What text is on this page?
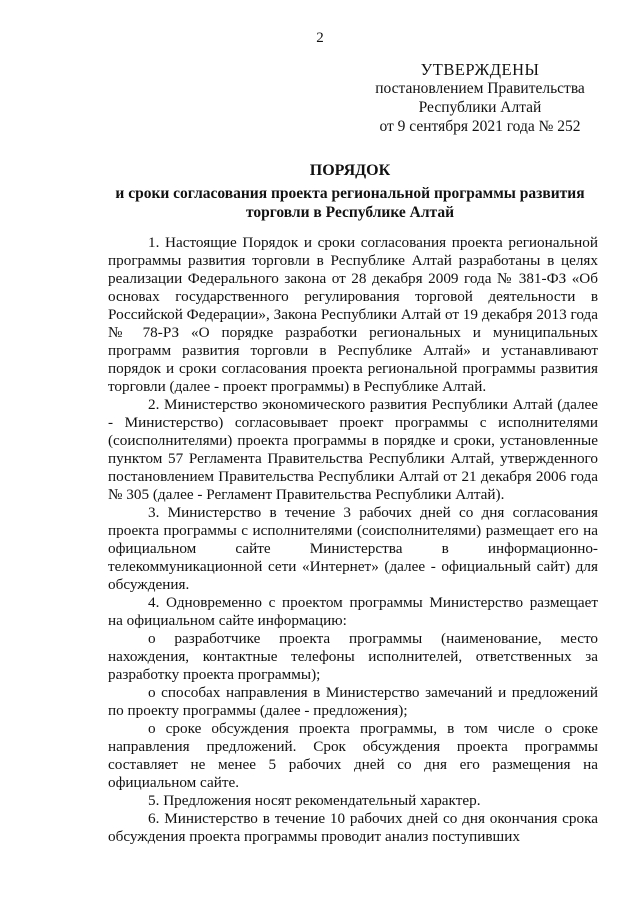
2
УТВЕРЖДЕНЫ
постановлением Правительства
Республики Алтай
от 9 сентября 2021 года № 252
ПОРЯДОК
и сроки согласования проекта региональной программы развития торговли в Республике Алтай

1. Настоящие Порядок и сроки согласования проекта региональной программы развития торговли в Республике Алтай разработаны в целях реализации Федерального закона от 28 декабря 2009 года № 381-ФЗ «Об основах государственного регулирования торговой деятельности в Российской Федерации», Закона Республики Алтай от 19 декабря 2013 года № 78-РЗ «О порядке разработки региональных и муниципальных программ развития торговли в Республике Алтай» и устанавливают порядок и сроки согласования проекта региональной программы развития торговли (далее - проект программы) в Республике Алтай.

2. Министерство экономического развития Республики Алтай (далее - Министерство) согласовывает проект программы с исполнителями (соисполнителями) проекта программы в порядке и сроки, установленные пунктом 57 Регламента Правительства Республики Алтай, утвержденного постановлением Правительства Республики Алтай от 21 декабря 2006 года № 305 (далее - Регламент Правительства Республики Алтай).

3. Министерство в течение 3 рабочих дней со дня согласования проекта программы с исполнителями (соисполнителями) размещает его на официальном сайте Министерства в информационно-телекоммуникационной сети «Интернет» (далее - официальный сайт) для обсуждения.

4. Одновременно с проектом программы Министерство размещает на официальном сайте информацию:

о разработчике проекта программы (наименование, место нахождения, контактные телефоны исполнителей, ответственных за разработку проекта программы);

о способах направления в Министерство замечаний и предложений по проекту программы (далее - предложения);

о сроке обсуждения проекта программы, в том числе о сроке направления предложений. Срок обсуждения проекта программы составляет не менее 5 рабочих дней со дня его размещения на официальном сайте.

5. Предложения носят рекомендательный характер.

6. Министерство в течение 10 рабочих дней со дня окончания срока обсуждения проекта программы проводит анализ поступивших
